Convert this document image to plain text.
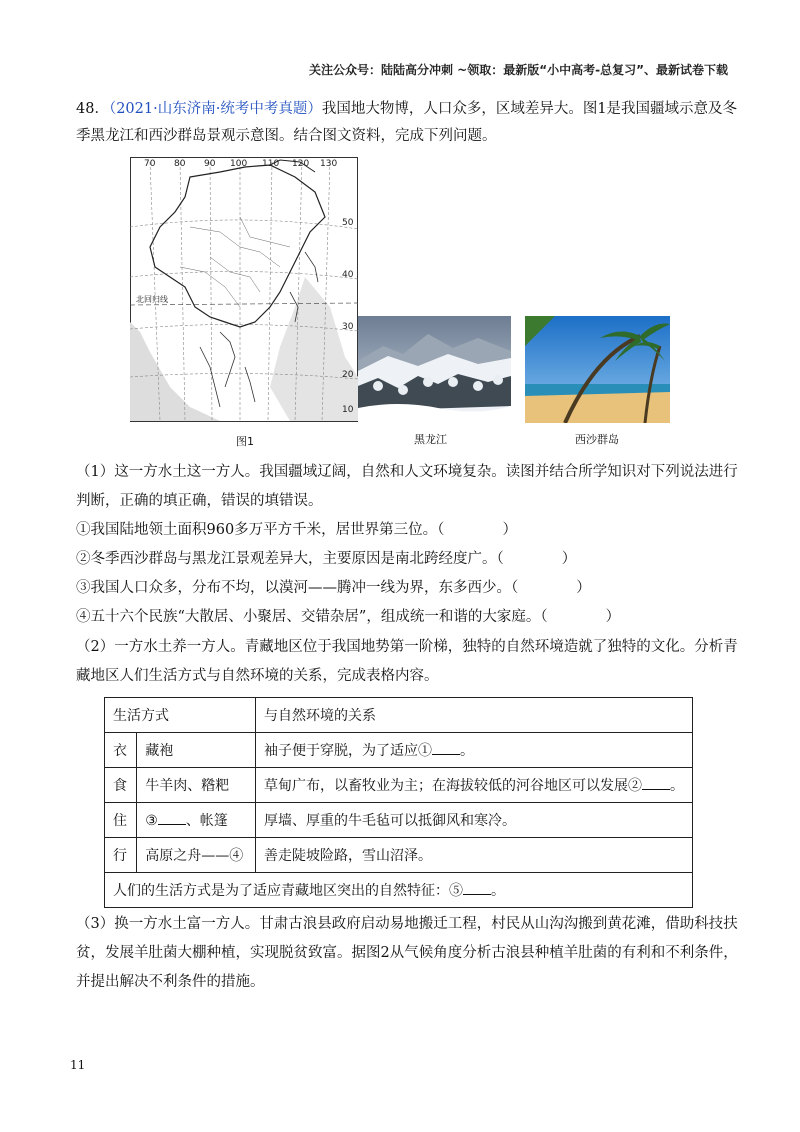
关注公众号：陆陆高分冲刺 ~领取：最新版“小中高考-总复习”、最新试卷下载
48．（2021·山东济南·统考中考真题）我国地大物博，人口众多，区域差异大。图1是我国疆域示意及冬
季黑龙江和西沙群岛景观示意图。结合图文资料，完成下列问题。
北回归线
70 80 90 100 110 120 130
50
40
30
20
10
图1	黑龙江	西沙群岛
（1）这一方水土这一方人。我国疆域辽阔，自然和人文环境复杂。读图并结合所学知识对下列说法进行
判断，正确的填正确，错误的填错误。
①我国陆地领土面积960多万平方千米，居世界第三位。（	）
②冬季西沙群岛与黑龙江景观差异大，主要原因是南北跨经度广。（	）
③我国人口众多，分布不均，以漠河——腾冲一线为界，东多西少。（	）
④五十六个民族“大散居、小聚居、交错杂居”，组成统一和谐的大家庭。（	）
（2）一方水土养一方人。青藏地区位于我国地势第一阶梯，独特的自然环境造就了独特的文化。分析青
藏地区人们生活方式与自然环境的关系，完成表格内容。
生活方式		与自然环境的关系
衣	藏袍	袖子便于穿脱，为了适应① 。
食	牛羊肉、糌粑	草甸广布，以畜牧业为主；在海拔较低的河谷地区可以发展② 。
住	③ 、帐篷	厚墙、厚重的牛毛毡可以抵御风和寒冷。
行	高原之舟——④	善走陡坡险路，雪山沼泽。
人们的生活方式是为了适应青藏地区突出的自然特征：⑤ 。		
（3）换一方水土富一方人。甘肃古浪县政府启动易地搬迁工程，村民从山沟沟搬到黄花滩，借助科技扶
贫，发展羊肚菌大棚种植，实现脱贫致富。据图2从气候角度分析古浪县种植羊肚菌的有利和不利条件，
并提出解决不利条件的措施。
11
